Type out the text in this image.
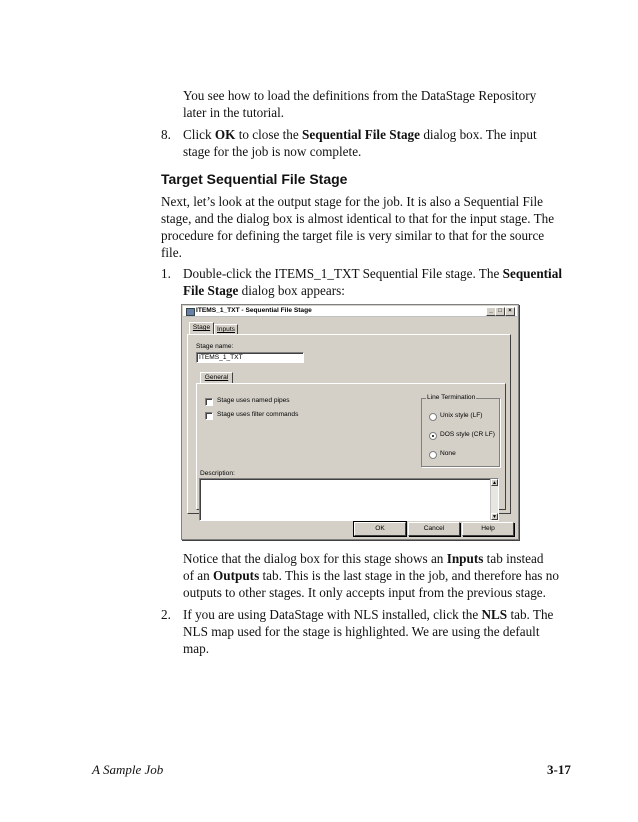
You see how to load the definitions from the DataStage Repository
later in the tutorial.
8. Click OK to close the Sequential File Stage dialog box. The input
stage for the job is now complete.
Target Sequential File Stage
Next, let’s look at the output stage for the job. It is also a Sequential File
stage, and the dialog box is almost identical to that for the input stage. The
procedure for defining the target file is very similar to that for the source
file.
1. Double-click the ITEMS_1_TXT Sequential File stage. The Sequential
File Stage dialog box appears:
ITEMS_1_TXT - Sequential File Stage	_ □	×
Stage	Inputs
Stage name:
ITEMS_1_TXT
General
Stage uses named pipes
Stage uses filter commands
Line Termination
Unix style (LF)
DOS style (CR LF)
None
Description:
▲
▼
OK	Cancel	Help
Notice that the dialog box for this stage shows an Inputs tab instead
of an Outputs tab. This is the last stage in the job, and therefore has no
outputs to other stages. It only accepts input from the previous stage.
2. If you are using DataStage with NLS installed, click the NLS tab. The
NLS map used for the stage is highlighted. We are using the default
map.
A Sample Job	3-17
